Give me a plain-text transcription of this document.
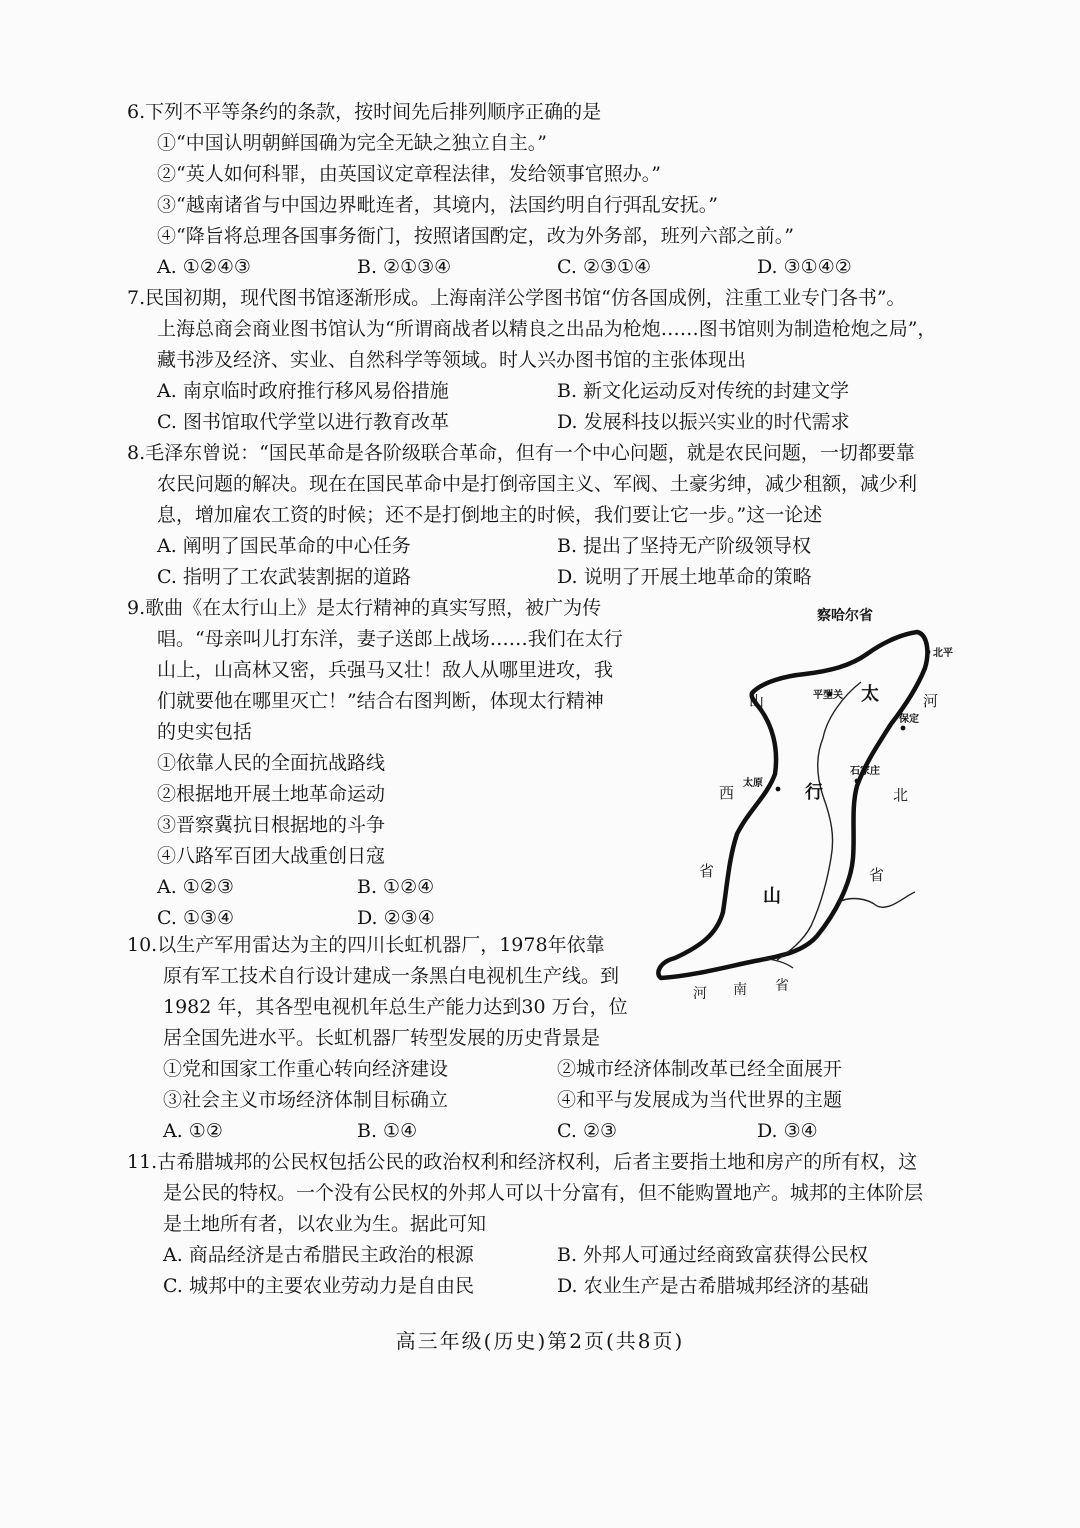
6.下列不平等条约的条款，按时间先后排列顺序正确的是
①“中国认明朝鲜国确为完全无缺之独立自主。”
②“英人如何科罪，由英国议定章程法律，发给领事官照办。”
③“越南诸省与中国边界毗连者，其境内，法国约明自行弭乱安抚。”
④“降旨将总理各国事务衙门，按照诸国酌定，改为外务部，班列六部之前。”
A. ①②④③	B. ②①③④	C. ②③①④	D. ③①④②
7.民国初期，现代图书馆逐渐形成。上海南洋公学图书馆“仿各国成例，注重工业专门各书”。
上海总商会商业图书馆认为“所谓商战者以精良之出品为枪炮……图书馆则为制造枪炮之局”，
藏书涉及经济、实业、自然科学等领域。时人兴办图书馆的主张体现出
A. 南京临时政府推行移风易俗措施	B. 新文化运动反对传统的封建文学
C. 图书馆取代学堂以进行教育改革	D. 发展科技以振兴实业的时代需求
8.毛泽东曾说：“国民革命是各阶级联合革命，但有一个中心问题，就是农民问题，一切都要靠
农民问题的解决。现在在国民革命中是打倒帝国主义、军阀、土豪劣绅，减少租额，减少利
息，增加雇农工资的时候；还不是打倒地主的时候，我们要让它一步。”这一论述
A. 阐明了国民革命的中心任务	B. 提出了坚持无产阶级领导权
C. 指明了工农武装割据的道路	D. 说明了开展土地革命的策略
9.歌曲《在太行山上》是太行精神的真实写照，被广为传
唱。“母亲叫儿打东洋，妻子送郎上战场……我们在太行
山上，山高林又密，兵强马又壮！敌人从哪里进攻，我
们就要他在哪里灭亡！”结合右图判断，体现太行精神
的史实包括
①依靠人民的全面抗战路线
②根据地开展土地革命运动
③晋察冀抗日根据地的斗争
④八路军百团大战重创日寇
A. ①②③	B. ①②④
C. ①③④	D. ②③④
察哈尔省
北平
平型关
保定
太原
石家庄
山	太	河
西	行	北
省
山
省
河 南 省
10.以生产军用雷达为主的四川长虹机器厂，1978年依靠
原有军工技术自行设计建成一条黑白电视机生产线。到
1982 年，其各型电视机年总生产能力达到30 万台，位
居全国先进水平。长虹机器厂转型发展的历史背景是
①党和国家工作重心转向经济建设	②城市经济体制改革已经全面展开
③社会主义市场经济体制目标确立	④和平与发展成为当代世界的主题
A. ①②	B. ①④	C. ②③	D. ③④
11.古希腊城邦的公民权包括公民的政治权利和经济权利，后者主要指土地和房产的所有权，这
是公民的特权。一个没有公民权的外邦人可以十分富有，但不能购置地产。城邦的主体阶层
是土地所有者，以农业为生。据此可知
A. 商品经济是古希腊民主政治的根源	B. 外邦人可通过经商致富获得公民权
C. 城邦中的主要农业劳动力是自由民	D. 农业生产是古希腊城邦经济的基础
高三年级(历史)第2页(共8页)
